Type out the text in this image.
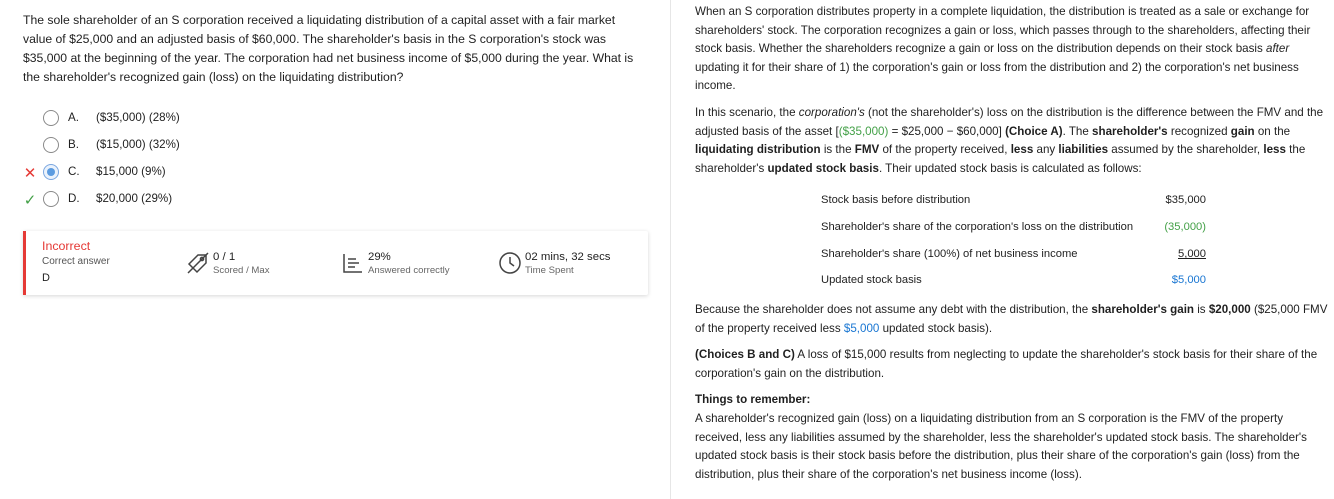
The sole shareholder of an S corporation received a liquidating distribution of a capital asset with a fair market value of $25,000 and an adjusted basis of $60,000. The shareholder's basis in the S corporation's stock was $35,000 at the beginning of the year. The corporation had net business income of $5,000 during the year. What is the shareholder's recognized gain (loss) on the liquidating distribution?
A. ($35,000) (28%)
B. ($15,000) (32%)
✕	C. $15,000 (9%)
✓	D. $20,000 (29%)
Incorrect
Correct answer
D
0 / 1
Scored / Max
29%
Answered correctly
02 mins, 32 secs
Time Spent

When an S corporation distributes property in a complete liquidation, the distribution is treated as a sale or exchange for shareholders' stock. The corporation recognizes a gain or loss, which passes through to the shareholders, affecting their stock basis. Whether the shareholders recognize a gain or loss on the distribution depends on their stock basis after updating it for their share of 1) the corporation's gain or loss from the distribution and 2) the corporation's net business income.

In this scenario, the corporation's (not the shareholder's) loss on the distribution is the difference between the FMV and the adjusted basis of the asset [($35,000) = $25,000 − $60,000] (Choice A). The shareholder's recognized gain on the liquidating distribution is the FMV of the property received, less any liabilities assumed by the shareholder, less the shareholder's updated stock basis. Their updated stock basis is calculated as follows:

Stock basis before distribution	$35,000
Shareholder's share of the corporation's loss on the distribution	(35,000)
Shareholder's share (100%) of net business income	5,000
Updated stock basis	$5,000

Because the shareholder does not assume any debt with the distribution, the shareholder's gain is $20,000 ($25,000 FMV of the property received less $5,000 updated stock basis).

(Choices B and C) A loss of $15,000 results from neglecting to update the shareholder's stock basis for their share of the corporation's gain on the distribution.

Things to remember:

A shareholder's recognized gain (loss) on a liquidating distribution from an S corporation is the FMV of the property received, less any liabilities assumed by the shareholder, less the shareholder's updated stock basis. The shareholder's updated stock basis is their stock basis before the distribution, plus their share of the corporation's gain (loss) from the distribution, plus their share of the corporation's net business income (loss).
